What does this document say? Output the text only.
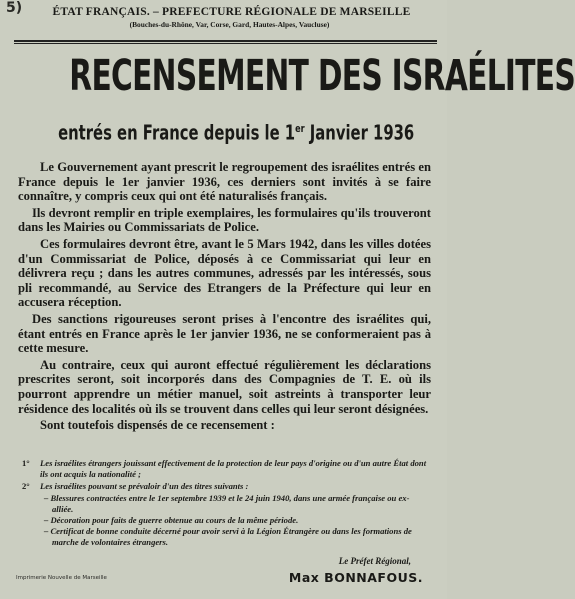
5)	ÉTAT FRANÇAIS. – PREFECTURE RÉGIONALE DE MARSEILLE
(Bouches-du-Rhône, Var, Corse, Gard, Hautes-Alpes, Vaucluse)
RECENSEMENT DES ISRAÉLITES
entrés en France depuis le 1er Janvier 1936

Le Gouvernement ayant prescrit le regroupement des israélites entrés en France depuis le 1er janvier 1936, ces derniers sont invités à se faire connaître, y compris ceux qui ont été naturalisés français.

Ils devront remplir en triple exemplaires, les formulaires qu'ils trouveront dans les Mairies ou Commissariats de Police.

Ces formulaires devront être, avant le 5 Mars 1942, dans les villes dotées d'un Commissariat de Police, déposés à ce Commissariat qui leur en délivrera reçu ; dans les autres communes, adressés par les intéressés, sous pli recommandé, au Service des Etrangers de la Préfecture qui leur en accusera réception.

Des sanctions rigoureuses seront prises à l'encontre des israélites qui, étant entrés en France après le 1er janvier 1936, ne se conformeraient pas à cette mesure.

Au contraire, ceux qui auront effectué régulièrement les déclarations prescrites seront, soit incorporés dans des Compagnies de T. E. où ils pourront apprendre un métier manuel, soit astreints à transporter leur résidence des localités où ils se trouvent dans celles qui leur seront désignées.

Sont toutefois dispensés de ce recensement :

1° Les israélites étrangers jouissant effectivement de la protection de leur pays d'origine ou d'un autre État dont ils ont acquis la nationalité ;
2° Les israélites pouvant se prévaloir d'un des titres suivants :
– Blessures contractées entre le 1er septembre 1939 et le 24 juin 1940, dans une armée française ou ex-alliée.
– Décoration pour faits de guerre obtenue au cours de la même période.
– Certificat de bonne conduite décerné pour avoir servi à la Légion Étrangère ou dans les formations de marche de volontaires étrangers.
Le Préfet Régional,
Max BONNAFOUS.
Imprimerie Nouvelle de Marseille
